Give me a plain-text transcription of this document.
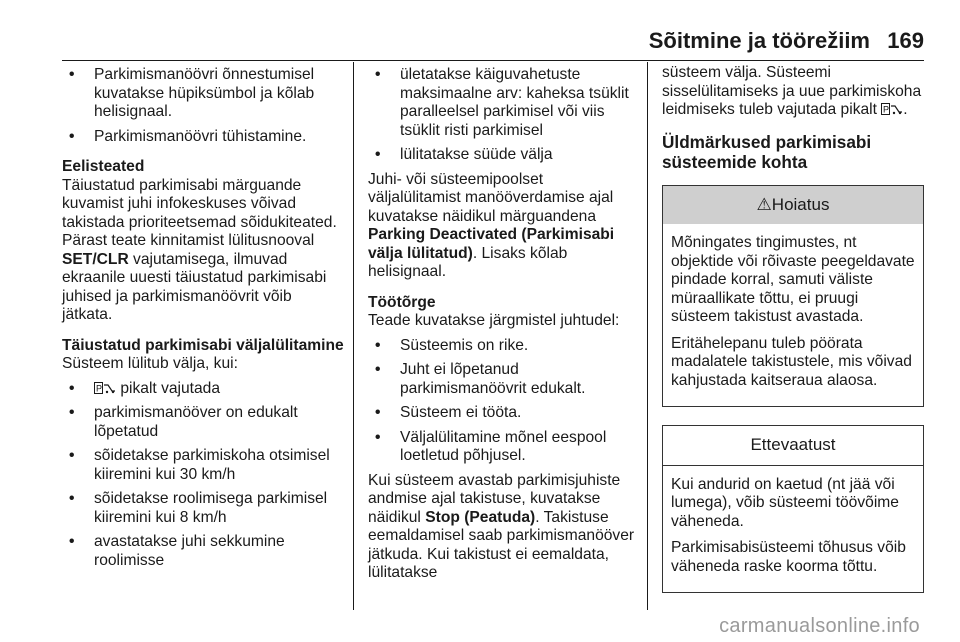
Sõitmine ja töörežiim 169
• Parkimismanöövri õnnestumisel kuvatakse hüpiksümbol ja kõlab helisignaal.
• Parkimismanöövri tühistamine.

Eelisteated

Täiustatud parkimisabi märguande kuvamist juhi infokeskuses võivad takistada prioriteetsemad sõidukiteated. Pärast teate kinnitamist lülitusnooval SET/CLR vajutamisega, ilmuvad ekraanile uuesti täiustatud parkimisabi juhised ja parkimismanöövrit võib jätkata.

Täiustatud parkimisabi väljalülitamine

Süsteem lülitub välja, kui:

• P pikalt vajutada
• parkimismanööver on edukalt lõpetatud
• sõidetakse parkimiskoha otsimisel kiiremini kui 30 km/h
• sõidetakse roolimisega parkimisel kiiremini kui 8 km/h
• avastatakse juhi sekkumine roolimisse
• ületatakse käiguvahetuste maksimaalne arv: kaheksa tsüklit paralleelsel parkimisel või viis tsüklit risti parkimisel
• lülitatakse süüde välja

Juhi- või süsteemipoolset väljalülitamist manööverdamise ajal kuvatakse näidikul märguandena Parking Deactivated (Parkimisabi välja lülitatud). Lisaks kõlab helisignaal.

Töötõrge

Teade kuvatakse järgmistel juhtudel:

• Süsteemis on rike.
• Juht ei lõpetanud parkimismanöövrit edukalt.
• Süsteem ei tööta.
• Väljalülitamine mõnel eespool loetletud põhjusel.

Kui süsteem avastab parkimisjuhiste andmise ajal takistuse, kuvatakse näidikul Stop (Peatuda). Takistuse eemaldamisel saab parkimismanööver jätkuda. Kui takistust ei eemaldata, lülitatakse

süsteem välja. Süsteemi sisselülitamiseks ja uue parkimiskoha leidmiseks tuleb vajutada pikalt P .

Üldmärkused parkimisabi süsteemide kohta

⚠Hoiatus

Mõningates tingimustes, nt objektide või rõivaste peegeldavate pindade korral, samuti väliste müraallikate tõttu, ei pruugi süsteem takistust avastada.

Eritähelepanu tuleb pöörata madalatele takistustele, mis võivad kahjustada kaitseraua alaosa.

Ettevaatust

Kui andurid on kaetud (nt jää või lumega), võib süsteemi töövõime väheneda.

Parkimisabisüsteemi tõhusus võib väheneda raske koorma tõttu.

carmanualsonline.info
